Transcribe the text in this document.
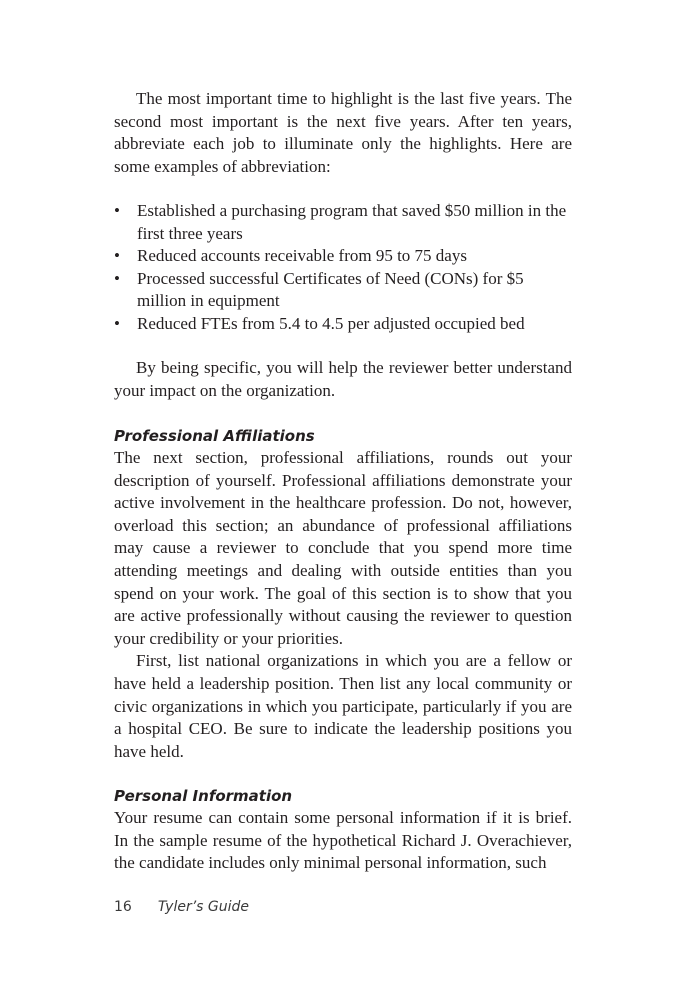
The most important time to highlight is the last five years. The second most important is the next five years. After ten years, abbreviate each job to illuminate only the highlights. Here are some examples of abbreviation:

• Established a purchasing program that saved $50 million in the first three years
• Reduced accounts receivable from 95 to 75 days
• Processed successful Certificates of Need (CONs) for $5 million in equipment
• Reduced FTEs from 5.4 to 4.5 per adjusted occupied bed

By being specific, you will help the reviewer better understand your impact on the organization.

Professional Affiliations

The next section, professional affiliations, rounds out your description of yourself. Professional affiliations demonstrate your active involvement in the healthcare profession. Do not, however, overload this section; an abundance of professional affiliations may cause a reviewer to conclude that you spend more time attending meetings and dealing with outside entities than you spend on your work. The goal of this section is to show that you are active professionally without causing the reviewer to question your credibility or your priorities.

First, list national organizations in which you are a fellow or have held a leadership position. Then list any local community or civic organizations in which you participate, particularly if you are a hospital CEO. Be sure to indicate the leadership positions you have held.

Personal Information

Your resume can contain some personal information if it is brief. In the sample resume of the hypothetical Richard J. Overachiever, the candidate includes only minimal personal information, such

16 Tyler’s Guide
